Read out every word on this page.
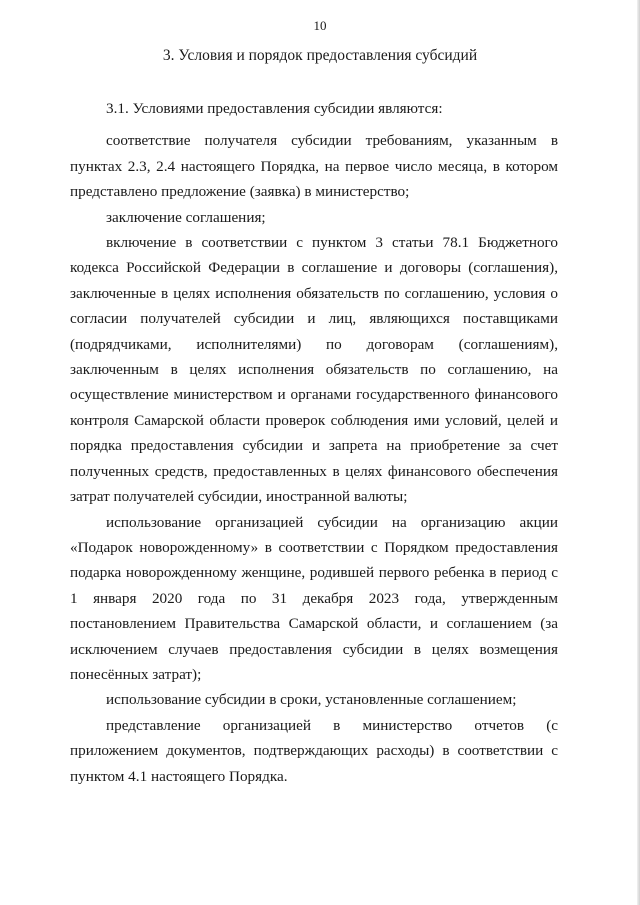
10
3. Условия и порядок предоставления субсидий

3.1. Условиями предоставления субсидии являются:

соответствие получателя субсидии требованиям, указанным в пунктах 2.3, 2.4 настоящего Порядка, на первое число месяца, в котором представлено предложение (заявка) в министерство;

заключение соглашения;

включение в соответствии с пунктом 3 статьи 78.1 Бюджетного кодекса Российской Федерации в соглашение и договоры (соглашения), заключенные в целях исполнения обязательств по соглашению, условия о согласии получателей субсидии и лиц, являющихся поставщиками (подрядчиками, исполнителями) по договорам (соглашениям), заключенным в целях исполнения обязательств по соглашению, на осуществление министерством и органами государственного финансового контроля Самарской области проверок соблюдения ими условий, целей и порядка предоставления субсидии и запрета на приобретение за счет полученных средств, предоставленных в целях финансового обеспечения затрат получателей субсидии, иностранной валюты;

использование организацией субсидии на организацию акции «Подарок новорожденному» в соответствии с Порядком предоставления подарка новорожденному женщине, родившей первого ребенка в период с 1 января 2020 года по 31 декабря 2023 года, утвержденным постановлением Правительства Самарской области, и соглашением (за исключением случаев предоставления субсидии в целях возмещения понесённых затрат);

использование субсидии в сроки, установленные соглашением;

представление организацией в министерство отчетов (с приложением документов, подтверждающих расходы) в соответствии с пунктом 4.1 настоящего Порядка.
